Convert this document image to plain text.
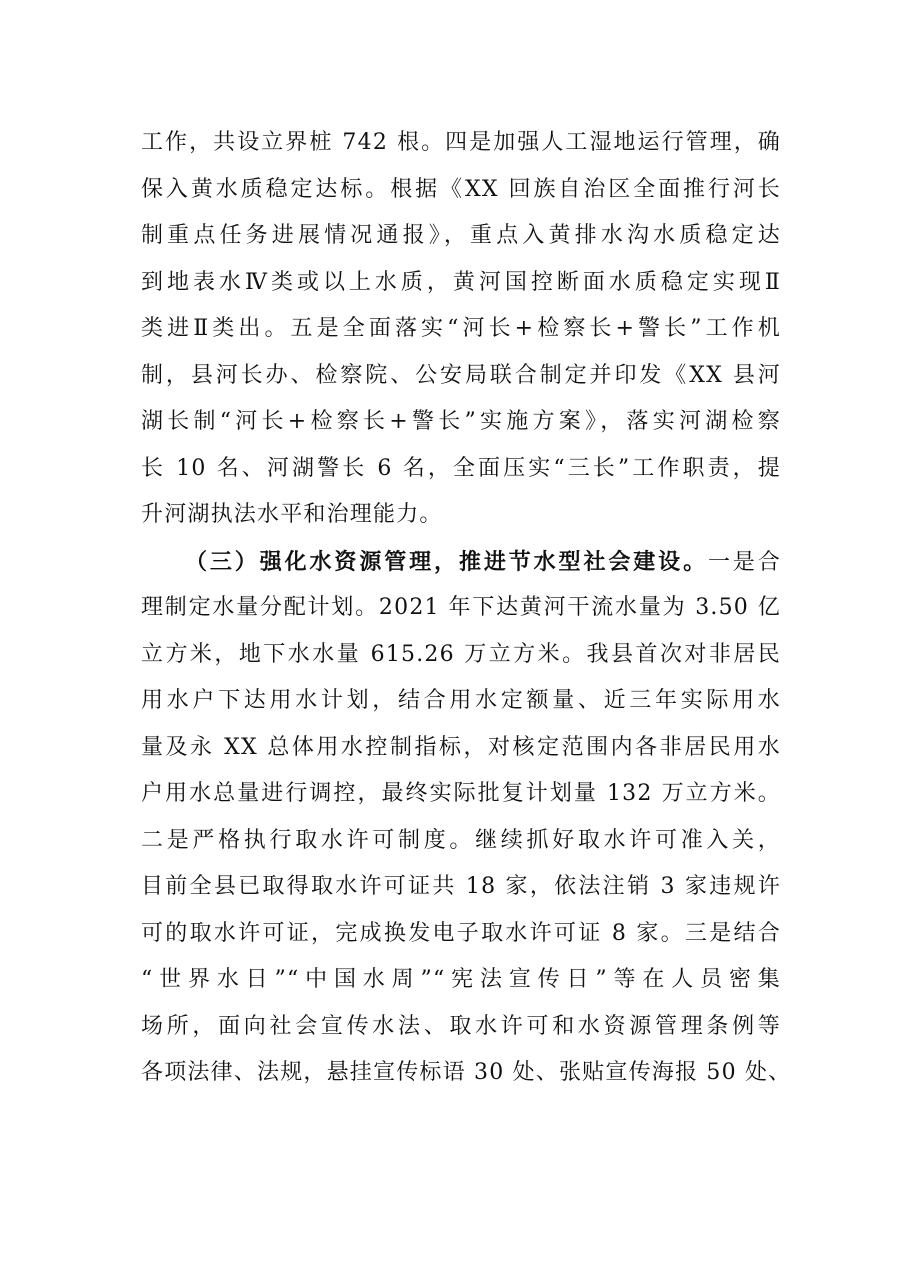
工作，共设立界桩 742 根。四是加强人工湿地运行管理，确
保入黄水质稳定达标。根据《XX 回族自治区全面推行河长
制重点任务进展情况通报》，重点入黄排水沟水质稳定达
到地表水Ⅳ类或以上水质，黄河国控断面水质稳定实现Ⅱ
类进Ⅱ类出。五是全面落实“河长+检察长+警长”工作机
制，县河长办、检察院、公安局联合制定并印发《XX 县河
湖长制“河长+检察长+警长”实施方案》，落实河湖检察
长 10 名、河湖警长 6 名，全面压实“三长”工作职责，提
升河湖执法水平和治理能力。
（三）强化水资源管理，推进节水型社会建设。一是合
理制定水量分配计划。2021 年下达黄河干流水量为 3.50 亿
立方米，地下水水量 615.26 万立方米。我县首次对非居民
用水户下达用水计划，结合用水定额量、近三年实际用水
量及永 XX 总体用水控制指标，对核定范围内各非居民用水
户用水总量进行调控，最终实际批复计划量 132 万立方米。
二是严格执行取水许可制度。继续抓好取水许可准入关，
目前全县已取得取水许可证共 18 家，依法注销 3 家违规许
可的取水许可证，完成换发电子取水许可证 8 家。三是结合
“世界水日”“中国水周”“宪法宣传日”等在人员密集
场所，面向社会宣传水法、取水许可和水资源管理条例等
各项法律、法规，悬挂宣传标语 30 处、张贴宣传海报 50 处、
